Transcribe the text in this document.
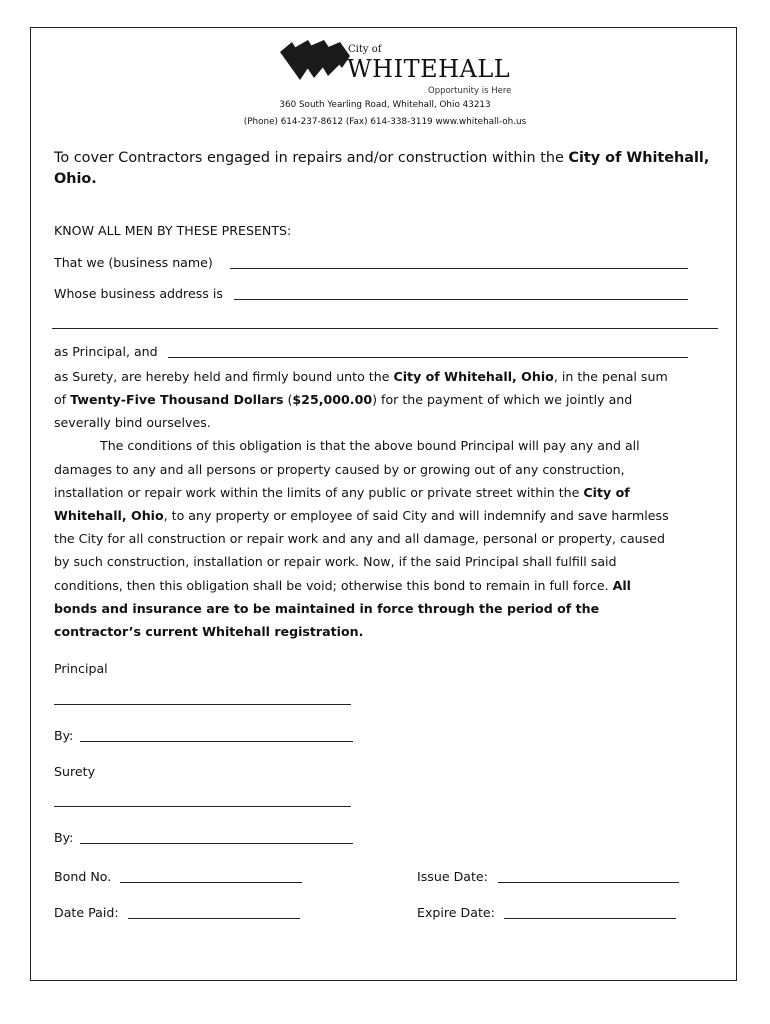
City of
WHITEHALL
Opportunity is Here
360 South Yearling Road, Whitehall, Ohio 43213
(Phone) 614-237-8612 (Fax) 614-338-3119 www.whitehall-oh.us
To cover Contractors engaged in repairs and/or construction within the City of Whitehall,
Ohio.
KNOW ALL MEN BY THESE PRESENTS:
That we (business name)
Whose business address is
as Principal, and
as Surety, are hereby held and firmly bound unto the City of Whitehall, Ohio, in the penal sum
of Twenty-Five Thousand Dollars ($25,000.00) for the payment of which we jointly and
severally bind ourselves.
The conditions of this obligation is that the above bound Principal will pay any and all
damages to any and all persons or property caused by or growing out of any construction,
installation or repair work within the limits of any public or private street within the City of
Whitehall, Ohio, to any property or employee of said City and will indemnify and save harmless
the City for all construction or repair work and any and all damage, personal or property, caused
by such construction, installation or repair work. Now, if the said Principal shall fulfill said
conditions, then this obligation shall be void; otherwise this bond to remain in full force. All
bonds and insurance are to be maintained in force through the period of the
contractor’s current Whitehall registration.
Principal
By:
Surety
By:
Bond No.	Issue Date:
Date Paid:	Expire Date:
